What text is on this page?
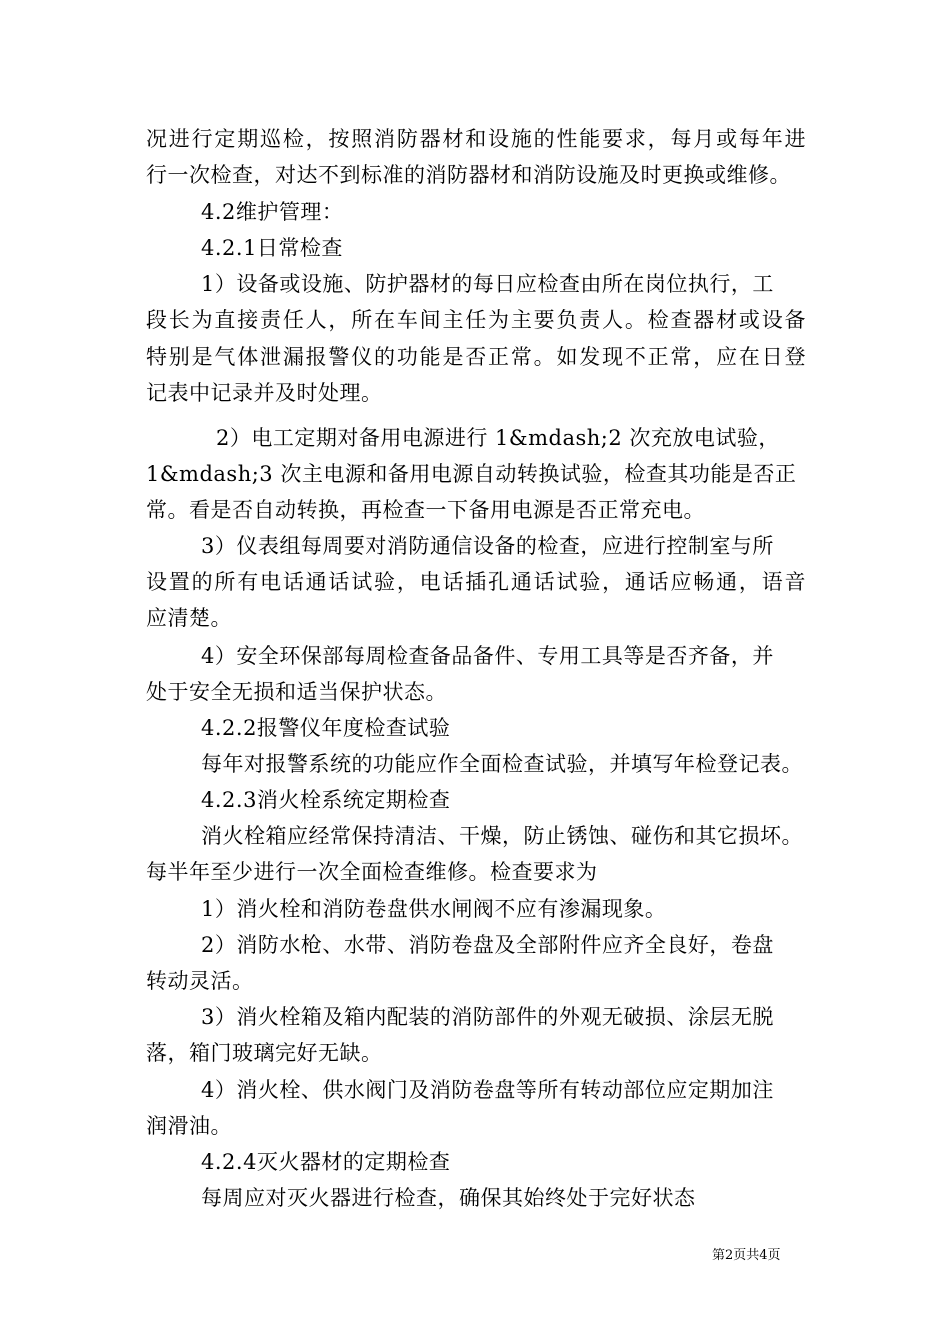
况进行定期巡检，按照消防器材和设施的性能要求，每月或每年进
行一次检查，对达不到标准的消防器材和消防设施及时更换或维修。
4.2维护管理：
4.2.1日常检查
1）设备或设施、防护器材的每日应检查由所在岗位执行，工
段长为直接责任人，所在车间主任为主要负责人。检查器材或设备
特别是气体泄漏报警仪的功能是否正常。如发现不正常，应在日登
记表中记录并及时处理。
2）电工定期对备用电源进行 1&mdash;2 次充放电试验，
1&mdash;3 次主电源和备用电源自动转换试验，检查其功能是否正
常。看是否自动转换，再检查一下备用电源是否正常充电。
3）仪表组每周要对消防通信设备的检查，应进行控制室与所
设置的所有电话通话试验，电话插孔通话试验，通话应畅通，语音
应清楚。
4）安全环保部每周检查备品备件、专用工具等是否齐备，并
处于安全无损和适当保护状态。
4.2.2报警仪年度检查试验
每年对报警系统的功能应作全面检查试验，并填写年检登记表。
4.2.3消火栓系统定期检查
消火栓箱应经常保持清洁、干燥，防止锈蚀、碰伤和其它损坏。
每半年至少进行一次全面检查维修。检查要求为
1）消火栓和消防卷盘供水闸阀不应有渗漏现象。
2）消防水枪、水带、消防卷盘及全部附件应齐全良好，卷盘
转动灵活。
3）消火栓箱及箱内配装的消防部件的外观无破损、涂层无脱
落，箱门玻璃完好无缺。
4）消火栓、供水阀门及消防卷盘等所有转动部位应定期加注
润滑油。
4.2.4灭火器材的定期检查
每周应对灭火器进行检查，确保其始终处于完好状态
第2页共4页
